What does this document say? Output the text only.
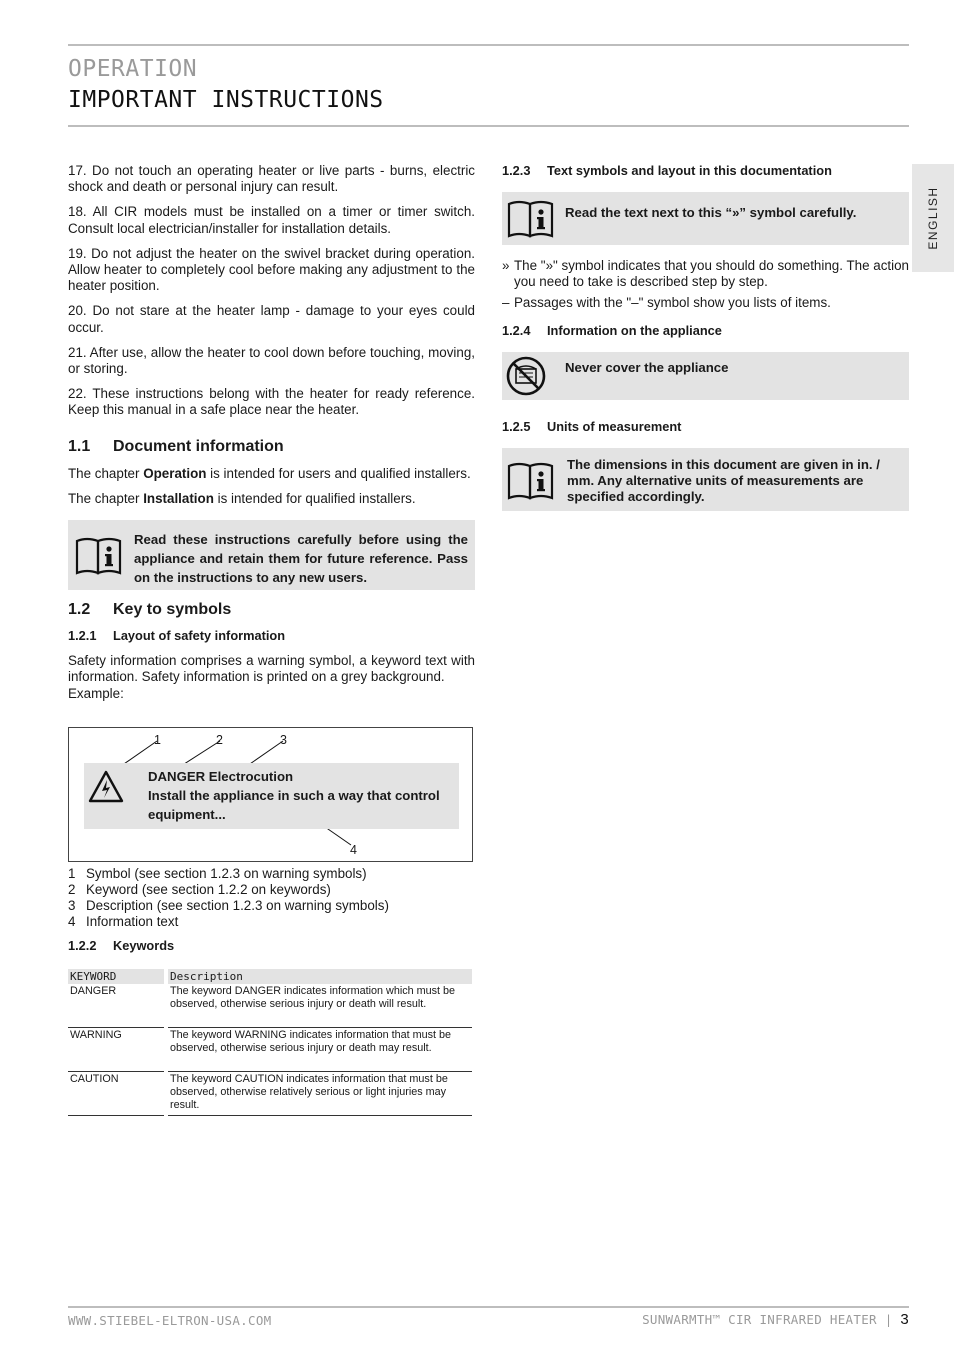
OPERATION
IMPORTANT INSTRUCTIONS
ENGLISH

17. Do not touch an operating heater or live parts - burns, electric shock and death or personal injury can result.

18. All CIR models must be installed on a timer or timer switch. Consult local electrician/installer for installation details.

19. Do not adjust the heater on the swivel bracket during operation. Allow heater to completely cool before making any adjustment to the heater position.

20. Do not stare at the heater lamp - damage to your eyes could occur.

21. After use, allow the heater to cool down before touching, moving, or storing.

22. These instructions belong with the heater for ready reference. Keep this manual in a safe place near the heater.

1.1 Document information
The chapter Operation is intended for users and qualified installers.
The chapter Installation is intended for qualified installers.
Read these instructions carefully before using the appliance and retain them for future reference. Pass on the instructions to any new users.
1.2 Key to symbols
1.2.1 Layout of safety information

Safety information comprises a warning symbol, a keyword text with information. Safety information is printed on a grey background.

Example:
1	2	3
4
DANGER Electrocution
Install the appliance in such a way that control equipment...
1 Symbol (see section 1.2.3 on warning symbols)
2 Keyword (see section 1.2.2 on keywords)
3 Description (see section 1.2.3 on warning symbols)
4 Information text
1.2.2 Keywords
KEYWORD		Description
DANGER		The keyword DANGER indicates information which must be observed, otherwise serious injury or death will result.
WARNING		The keyword WARNING indicates information that must be observed, otherwise serious injury or death may result.
CAUTION		The keyword CAUTION indicates information that must be observed, otherwise relatively serious or light injuries may result.
1.2.3 Text symbols and layout in this documentation
Read the text next to this “»” symbol carefully.
» The "»" symbol indicates that you should do something. The action you need to take is described step by step.

– Passages with the "–" symbol show you lists of items.

1.2.4 Information on the appliance
Never cover the appliance
1.2.5 Units of measurement
The dimensions in this document are given in in. / mm. Any alternative units of measurements are specified accordingly.
WWW.STIEBEL-ELTRON-USA.COM	SUNWARMTH™ CIR INFRARED HEATER | 3
